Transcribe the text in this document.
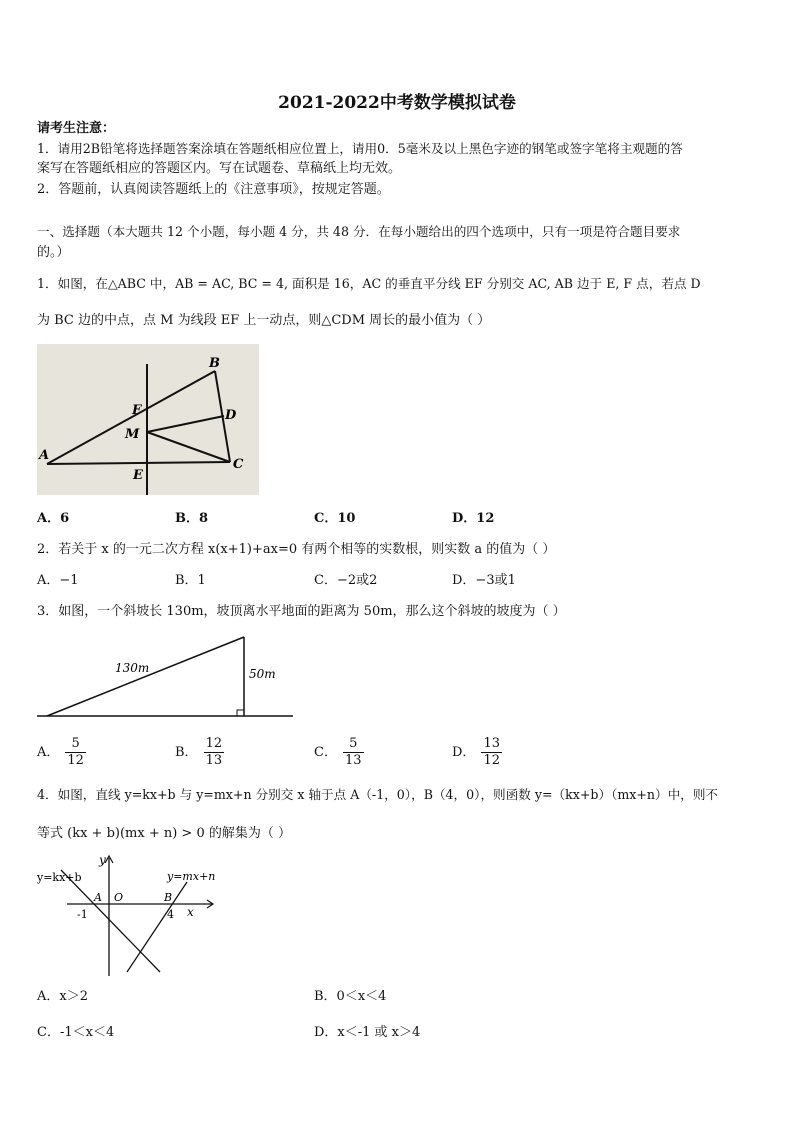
2021-2022中考数学模拟试卷
请考生注意：
1．请用2B铅笔将选择题答案涂填在答题纸相应位置上，请用0．5毫米及以上黑色字迹的钢笔或签字笔将主观题的答
案写在答题纸相应的答题区内。写在试题卷、草稿纸上均无效。
2．答题前，认真阅读答题纸上的《注意事项》，按规定答题。
一、选择题（本大题共 12 个小题，每小题 4 分，共 48 分．在每小题给出的四个选项中，只有一项是符合题目要求
的。）
1．如图，在△ABC 中，AB = AC, BC = 4, 面积是 16，AC 的垂直平分线 EF 分别交 AC, AB 边于 E, F 点，若点 D
为 BC 边的中点，点 M 为线段 EF 上一动点，则△CDM 周长的最小值为（ ）
A
B
C
D
E
F
M
A．6	B．8	C．10	D．12
2．若关于 x 的一元二次方程 x(x+1)+ax=0 有两个相等的实数根，则实数 a 的值为（ ）
A．−1	B．1	C．−2或2	D．−3或1
3．如图，一个斜坡长 130m，坡顶离水平地面的距离为 50m，那么这个斜坡的坡度为（ ）
130m	50m
A． $\frac{5}{12}$	B． $\frac{12}{13}$	C． $\frac{5}{13}$	D． $\frac{13}{12}$
4．如图，直线 y=kx+b 与 y=mx+n 分别交 x 轴于点 A（-1，0），B（4，0），则函数 y=（kx+b）（mx+n）中，则不
等式 (kx + b)(mx + n) > 0 的解集为（ ）
y=kx+b	y=mx+n
y
x
A O	B
-1	4
A．x＞2	B．0＜x＜4
C．-1＜x＜4	D．x＜-1 或 x＞4
